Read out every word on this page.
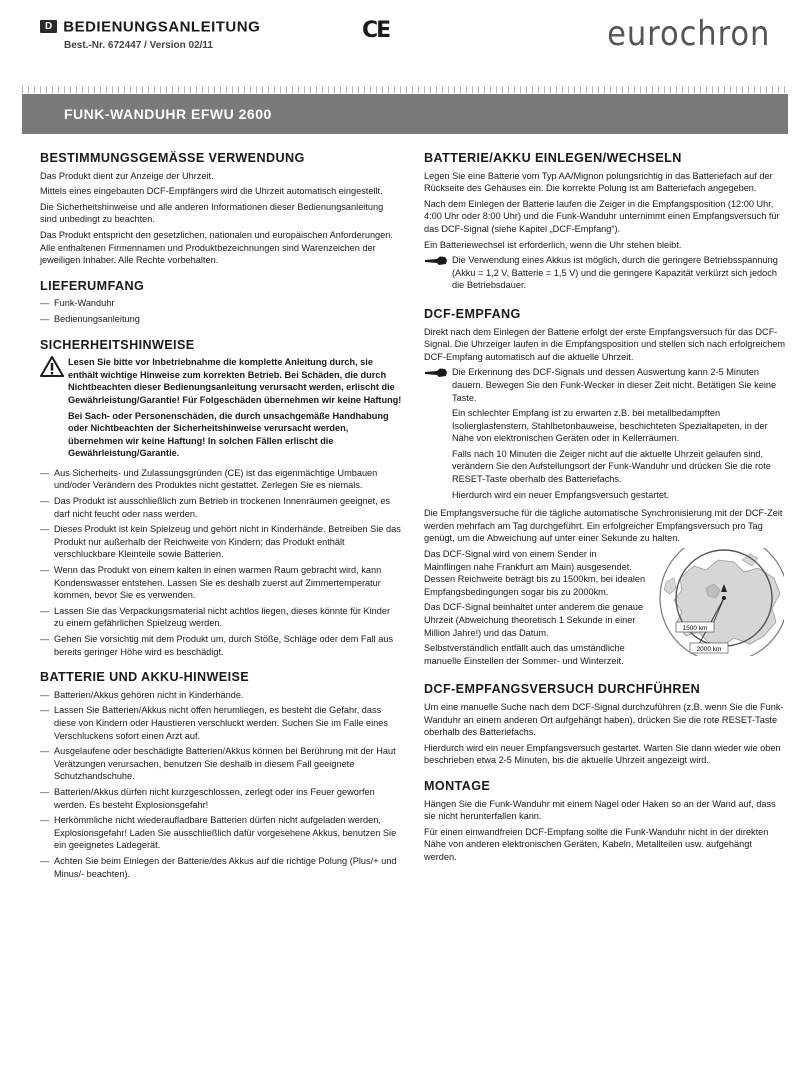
D BEDIENUNGSANLEITUNG
Best.-Nr. 672447 / Version 02/11
CE	eurochron
FUNK-WANDUHR EFWU 2600
BESTIMMUNGSGEMÄSSE VERWENDUNG

Das Produkt dient zur Anzeige der Uhrzeit.

Mittels eines eingebauten DCF-Empfängers wird die Uhrzeit automatisch eingestellt.

Die Sicherheitshinweise und alle anderen Informationen dieser Bedienungsanleitung sind unbedingt zu beachten.

Das Produkt entspricht den gesetzlichen, nationalen und europäischen Anforderungen. Alle enthaltenen Firmennamen und Produktbezeichnungen sind Warenzeichen der jeweiligen Inhaber. Alle Rechte vorbehalten.

LIEFERUMFANG
— Funk-Wanduhr
— Bedienungsanleitung
SICHERHEITSHINWEISE

Lesen Sie bitte vor Inbetriebnahme die komplette Anleitung durch, sie enthält wichtige Hinweise zum korrekten Betrieb. Bei Schäden, die durch Nichtbeachten dieser Bedienungsanleitung verursacht werden, erlischt die Gewährleistung/Garantie! Für Folgeschäden übernehmen wir keine Haftung!

Bei Sach- oder Personenschäden, die durch unsachgemäße Handhabung oder Nichtbeachten der Sicherheitshinweise verursacht werden, übernehmen wir keine Haftung! In solchen Fällen erlischt die Gewährleistung/Garantie.

— Aus Sicherheits- und Zulassungsgründen (CE) ist das eigenmächtige Umbauen und/oder Verändern des Produktes nicht gestattet. Zerlegen Sie es niemals.
— Das Produkt ist ausschließlich zum Betrieb in trockenen Innenräumen geeignet, es darf nicht feucht oder nass werden.
— Dieses Produkt ist kein Spielzeug und gehört nicht in Kinderhände. Betreiben Sie das Produkt nur außerhalb der Reichweite von Kindern; das Produkt enthält verschluckbare Kleinteile sowie Batterien.
— Wenn das Produkt von einem kalten in einen warmen Raum gebracht wird, kann Kondenswasser entstehen. Lassen Sie es deshalb zuerst auf Zimmertemperatur kommen, bevor Sie es verwenden.
— Lassen Sie das Verpackungsmaterial nicht achtlos liegen, dieses könnte für Kinder zu einem gefährlichen Spielzeug werden.
— Gehen Sie vorsichtig mit dem Produkt um, durch Stöße, Schläge oder dem Fall aus bereits geringer Höhe wird es beschädigt.
BATTERIE UND AKKU-HINWEISE
— Batterien/Akkus gehören nicht in Kinderhände.
— Lassen Sie Batterien/Akkus nicht offen herumliegen, es besteht die Gefahr, dass diese von Kindern oder Haustieren verschluckt werden. Suchen Sie im Falle eines Verschluckens sofort einen Arzt auf.
— Ausgelaufene oder beschädigte Batterien/Akkus können bei Berührung mit der Haut Verätzungen verursachen, benutzen Sie deshalb in diesem Fall geeignete Schutzhandschuhe.
— Batterien/Akkus dürfen nicht kurzgeschlossen, zerlegt oder ins Feuer geworfen werden. Es besteht Explosionsgefahr!
— Herkömmliche nicht wiederaufladbare Batterien dürfen nicht aufgeladen werden, Explosionsgefahr! Laden Sie ausschließlich dafür vorgesehene Akkus, benutzen Sie ein geeignetes Ladegerät.
— Achten Sie beim Einlegen der Batterie/des Akkus auf die richtige Polung (Plus/+ und Minus/- beachten).
BATTERIE/AKKU EINLEGEN/WECHSELN

Legen Sie eine Batterie vom Typ AA/Mignon polungsrichtig in das Batteriefach auf der Rückseite des Gehäuses ein. Die korrekte Polung ist am Batteriefach angegeben.

Nach dem Einlegen der Batterie laufen die Zeiger in die Empfangsposition (12:00 Uhr, 4:00 Uhr oder 8:00 Uhr) und die Funk-Wanduhr unternimmt einen Empfangsversuch für das DCF-Signal (siehe Kapitel „DCF-Empfang“).

Ein Batteriewechsel ist erforderlich, wenn die Uhr stehen bleibt.

Die Verwendung eines Akkus ist möglich, durch die geringere Betriebsspannung (Akku = 1,2 V, Batterie = 1,5 V) und die geringere Kapazität verkürzt sich jedoch die Betriebsdauer.

DCF-EMPFANG

Direkt nach dem Einlegen der Batterie erfolgt der erste Empfangsversuch für das DCF-Signal. Die Uhrzeiger laufen in die Empfangsposition und stellen sich nach erfolgreichem DCF-Empfang automatisch auf die aktuelle Uhrzeit.

Die Erkennung des DCF-Signals und dessen Auswertung kann 2-5 Minuten dauern. Bewegen Sie den Funk-Wecker in dieser Zeit nicht. Betätigen Sie keine Taste.

Ein schlechter Empfang ist zu erwarten z.B. bei metallbedampften Isolierglasfenstern, Stahlbetonbauweise, beschichteten Spezialtapeten, in der Nähe von elektronischen Geräten oder in Kellerräumen.

Falls nach 10 Minuten die Zeiger nicht auf die aktuelle Uhrzeit gelaufen sind, verändern Sie den Aufstellungsort der Funk-Wanduhr und drücken Sie die rote RESET-Taste oberhalb des Batteriefachs.

Hierdurch wird ein neuer Empfangsversuch gestartet.

Die Empfangsversuche für die tägliche automatische Synchronisierung mit der DCF-Zeit werden mehrfach am Tag durchgeführt. Ein erfolgreicher Empfangsversuch pro Tag genügt, um die Abweichung auf unter einer Sekunde zu halten.

Das DCF-Signal wird von einem Sender in Mainflingen nahe Frankfurt am Main) ausgesendet. Dessen Reichweite beträgt bis zu 1500km, bei idealen Empfangsbedingungen sogar bis zu 2000km.

Das DCF-Signal beinhaltet unter anderem die genaue Uhrzeit (Abweichung theoretisch 1 Sekunde in einer Million Jahre!) und das Datum.

Selbstverständlich entfällt auch das umständliche manuelle Einstellen der Sommer- und Winterzeit.

1500 km
2000 km
DCF-EMPFANGSVERSUCH DURCHFÜHREN

Um eine manuelle Suche nach dem DCF-Signal durchzuführen (z.B. wenn Sie die Funk-Wanduhr an einem anderen Ort aufgehängt haben), drücken Sie die rote RESET-Taste oberhalb des Batteriefachs.

Hierdurch wird ein neuer Empfangsversuch gestartet. Warten Sie dann wieder wie oben beschrieben etwa 2-5 Minuten, bis die aktuelle Uhrzeit angezeigt wird.

MONTAGE

Hängen Sie die Funk-Wanduhr mit einem Nagel oder Haken so an der Wand auf, dass sie nicht herunterfallen kann.

Für einen einwandfreien DCF-Empfang sollte die Funk-Wanduhr nicht in der direkten Nähe von anderen elektronischen Geräten, Kabeln, Metallteilen usw. aufgehängt werden.
